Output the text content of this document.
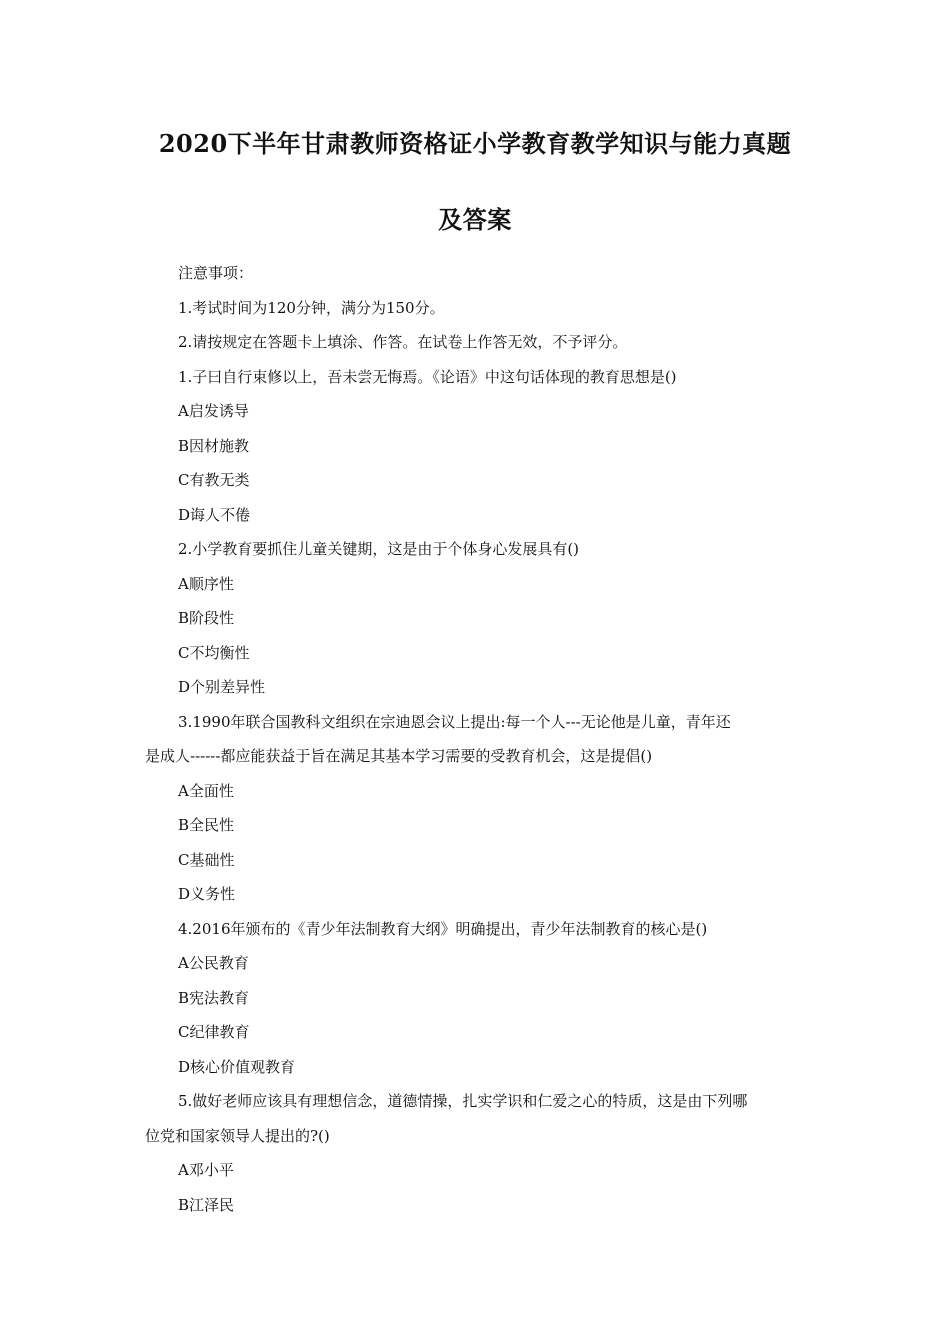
2020下半年甘肃教师资格证小学教育教学知识与能力真题
及答案
注意事项：
1.考试时间为120分钟，满分为150分。
2.请按规定在答题卡上填涂、作答。在试卷上作答无效，不予评分。
1.子曰自行束修以上，吾未尝无悔焉。《论语》中这句话体现的教育思想是()
A启发诱导
B因材施教
C有教无类
D诲人不倦
2.小学教育要抓住儿童关键期，这是由于个体身心发展具有()
A顺序性
B阶段性
C不均衡性
D个别差异性
3.1990年联合国教科文组织在宗迪恩会议上提出:每一个人---无论他是儿童，青年还
是成人------都应能获益于旨在满足其基本学习需要的受教育机会，这是提倡()
A全面性
B全民性
C基础性
D义务性
4.2016年颁布的《青少年法制教育大纲》明确提出，青少年法制教育的核心是()
A公民教育
B宪法教育
C纪律教育
D核心价值观教育
5.做好老师应该具有理想信念，道德情操，扎实学识和仁爱之心的特质，这是由下列哪
位党和国家领导人提出的?()
A邓小平
B江泽民
